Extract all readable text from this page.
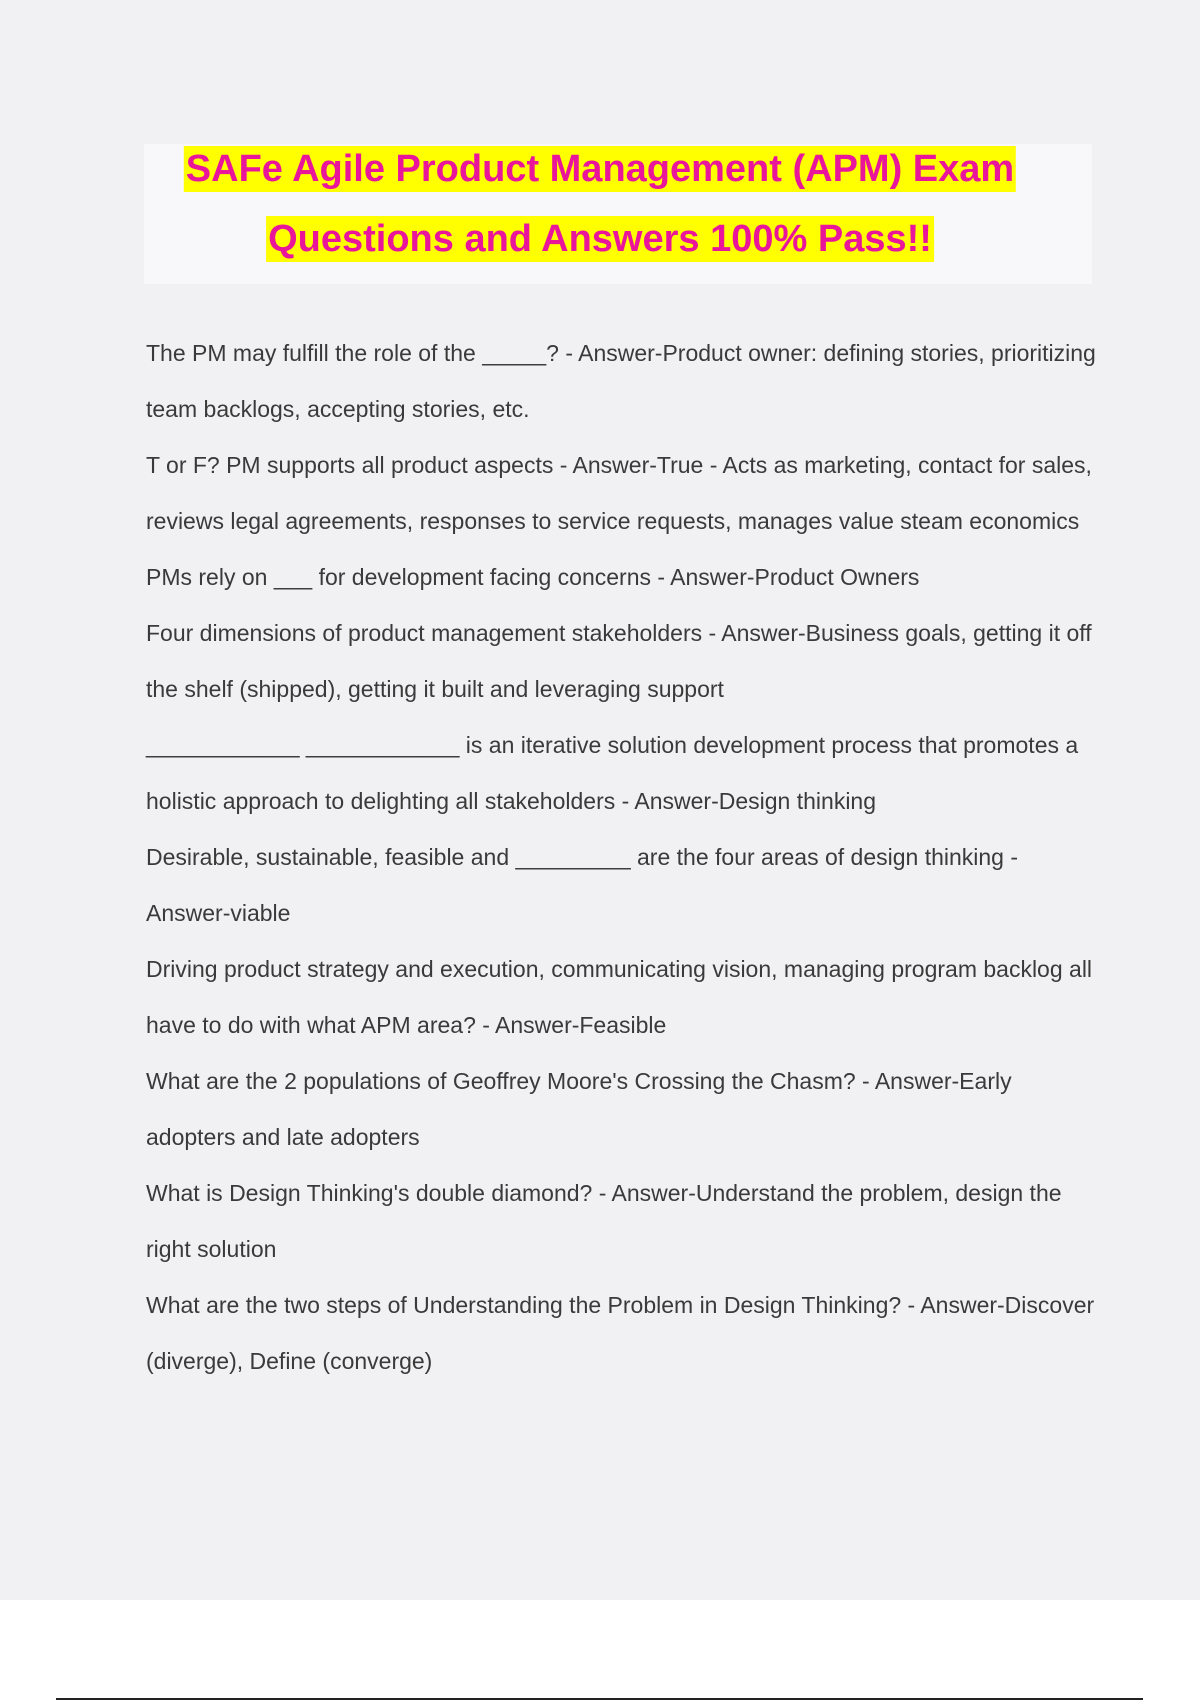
SAFe Agile Product Management (APM) Exam
Questions and Answers 100% Pass!!
The PM may fulfill the role of the _____? - Answer-Product owner: defining stories, prioritizing team backlogs, accepting stories, etc.
T or F? PM supports all product aspects - Answer-True - Acts as marketing, contact for sales, reviews legal agreements, responses to service requests, manages value steam economics
PMs rely on ___ for development facing concerns - Answer-Product Owners
Four dimensions of product management stakeholders - Answer-Business goals, getting it off the shelf (shipped), getting it built and leveraging support
____________ ____________ is an iterative solution development process that promotes a holistic approach to delighting all stakeholders - Answer-Design thinking
Desirable, sustainable, feasible and _________ are the four areas of design thinking - Answer-viable
Driving product strategy and execution, communicating vision, managing program backlog all have to do with what APM area? - Answer-Feasible
What are the 2 populations of Geoffrey Moore's Crossing the Chasm? - Answer-Early adopters and late adopters
What is Design Thinking's double diamond? - Answer-Understand the problem, design the right solution
What are the two steps of Understanding the Problem in Design Thinking? - Answer-Discover (diverge), Define (converge)
